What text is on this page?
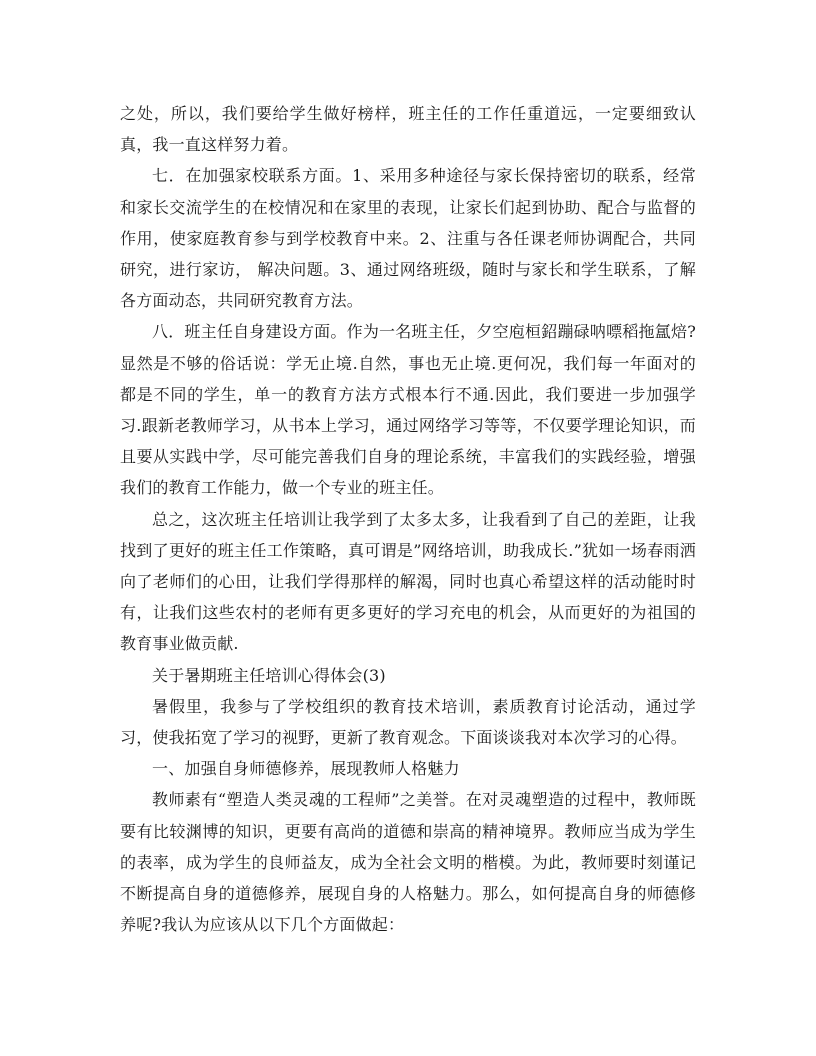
之处，所以，我们要给学生做好榜样，班主任的工作任重道远，一定要细致认真，我一直这样努力着。

七．在加强家校联系方面。1、采用多种途径与家长保持密切的联系，经常和家长交流学生的在校情况和在家里的表现，让家长们起到协助、配合与监督的作用，使家庭教育参与到学校教育中来。2、注重与各任课老师协调配合，共同研究，进行家访， 解决问题。3、通过网络班级，随时与家长和学生联系，了解各方面动态，共同研究教育方法。

八．班主任自身建设方面。作为一名班主任，夕空庖桓鉊蹦碌呐嘌稻拖氲焙?显然是不够的俗话说：学无止境.自然，事也无止境.更何况，我们每一年面对的都是不同的学生，单一的教育方法方式根本行不通.因此，我们要进一步加强学习.跟新老教师学习，从书本上学习，通过网络学习等等，不仅要学理论知识，而且要从实践中学，尽可能完善我们自身的理论系统，丰富我们的实践经验，增强我们的教育工作能力，做一个专业的班主任。

总之，这次班主任培训让我学到了太多太多，让我看到了自己的差距，让我找到了更好的班主任工作策略，真可谓是”网络培训，助我成长.”犹如一场春雨洒向了老师们的心田，让我们学得那样的解渴，同时也真心希望这样的活动能时时有，让我们这些农村的老师有更多更好的学习充电的机会，从而更好的为祖国的教育事业做贡献.

关于暑期班主任培训心得体会(3)

暑假里，我参与了学校组织的教育技术培训，素质教育讨论活动，通过学习，使我拓宽了学习的视野，更新了教育观念。下面谈谈我对本次学习的心得。

一、加强自身师德修养，展现教师人格魅力

教师素有“塑造人类灵魂的工程师”之美誉。在对灵魂塑造的过程中，教师既要有比较渊博的知识，更要有高尚的道德和崇高的精神境界。教师应当成为学生的表率，成为学生的良师益友，成为全社会文明的楷模。为此，教师要时刻谨记不断提高自身的道德修养，展现自身的人格魅力。那么，如何提高自身的师德修养呢?我认为应该从以下几个方面做起：
